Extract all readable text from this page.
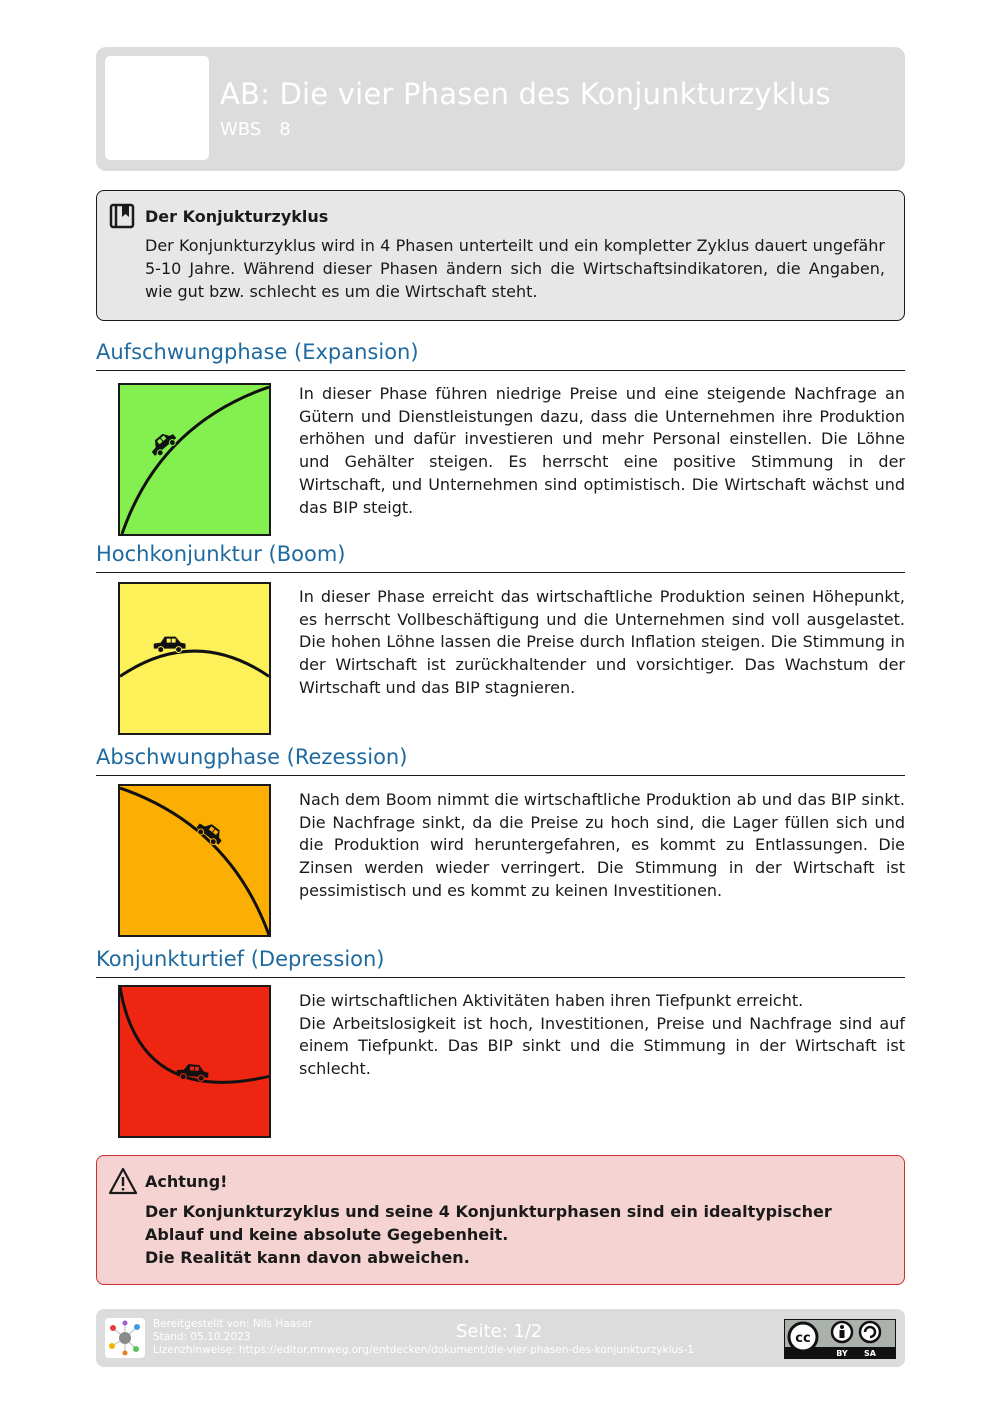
AB: Die vier Phasen des Konjunkturzyklus
WBS 8
Der Konjukturzyklus
Der Konjunkturzyklus wird in 4 Phasen unterteilt und ein kompletter Zyklus dauert ungefähr 5-10 Jahre. Während dieser Phasen ändern sich die Wirtschaftsindikatoren, die Angaben, wie gut bzw. schlecht es um die Wirtschaft steht.
Aufschwungphase (Expansion)
In dieser Phase führen niedrige Preise und eine steigende Nachfrage an Gütern und Dienstleistungen dazu, dass die Unternehmen ihre Produktion erhöhen und dafür investieren und mehr Personal einstellen. Die Löhne und Gehälter steigen. Es herrscht eine positive Stimmung in der Wirtschaft, und Unternehmen sind optimistisch. Die Wirtschaft wächst und das BIP steigt.
Hochkonjunktur (Boom)
In dieser Phase erreicht das wirtschaftliche Produktion seinen Höhepunkt, es herrscht Vollbeschäftigung und die Unternehmen sind voll ausgelastet. Die hohen Löhne lassen die Preise durch Inflation steigen. Die Stimmung in der Wirtschaft ist zurückhaltender und vorsichtiger. Das Wachstum der Wirtschaft und das BIP stagnieren.
Abschwungphase (Rezession)
Nach dem Boom nimmt die wirtschaftliche Produktion ab und das BIP sinkt. Die Nachfrage sinkt, da die Preise zu hoch sind, die Lager füllen sich und die Produktion wird heruntergefahren, es kommt zu Entlassungen. Die Zinsen werden wieder verringert. Die Stimmung in der Wirtschaft ist pessimistisch und es kommt zu keinen Investitionen.
Konjunkturtief (Depression)
Die wirtschaftlichen Aktivitäten haben ihren Tiefpunkt erreicht.
Die Arbeitslosigkeit ist hoch, Investitionen, Preise und Nachfrage sind auf einem Tiefpunkt. Das BIP sinkt und die Stimmung in der Wirtschaft ist schlecht.
Achtung!
Der Konjunkturzyklus und seine 4 Konjunkturphasen sind ein idealtypischer Ablauf und keine absolute Gegebenheit.
Die Realität kann davon abweichen.
Bereitgestellt von: Nils Haaser
Stand: 05.10.2023
Lizenzhinweise: https://editor.mnweg.org/entdecken/dokument/die-vier-phasen-des-konjunkturzyklus-1
Seite: 1/2	cc
BY SA
